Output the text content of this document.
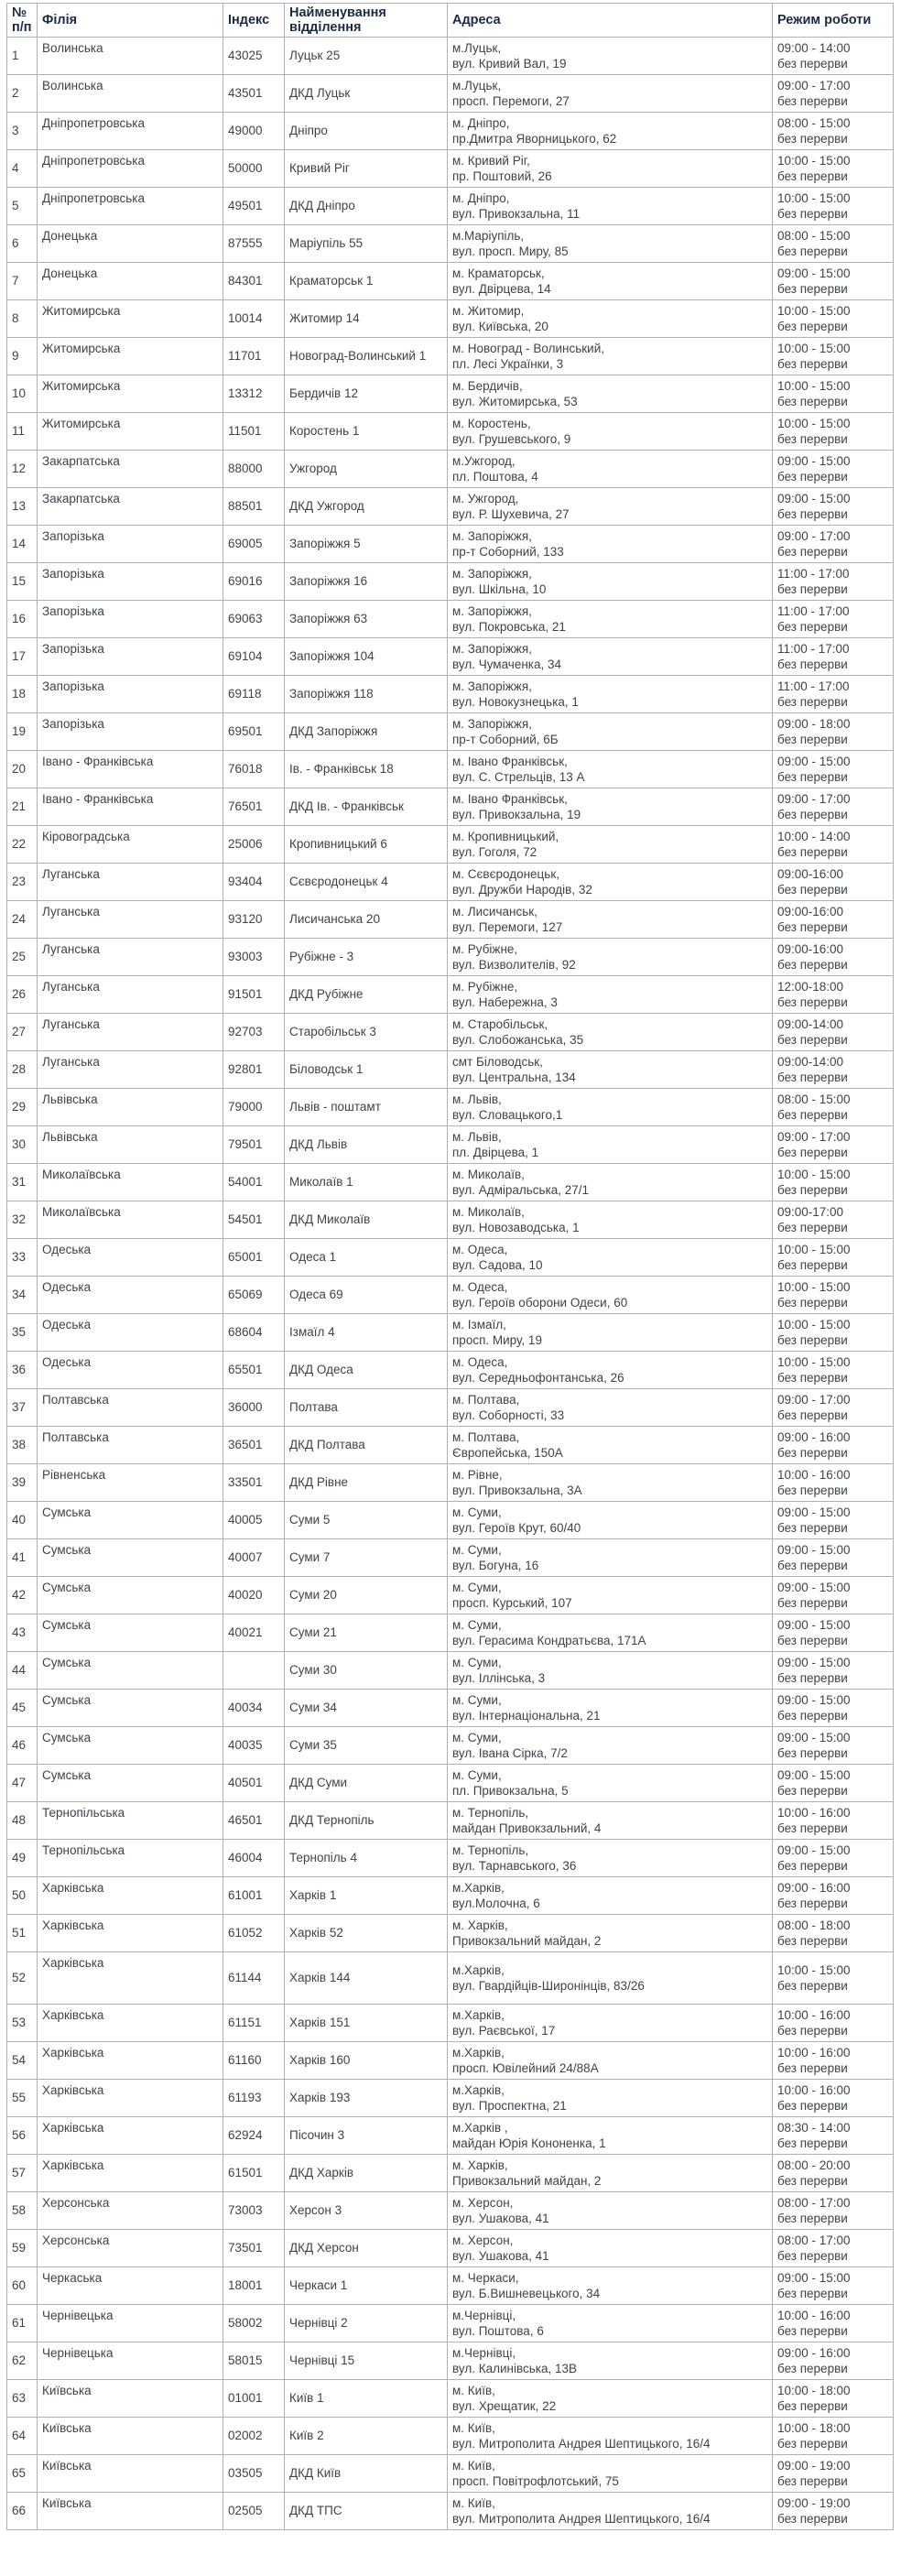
№ п/п	Філія	Індекс	Найменування відділення	Адреса	Режим роботи
1	Волинська	43025	Луцьк 25	м.Луцьк,
вул. Кривий Вал, 19	09:00 - 14:00
без перерви

2	Волинська	43501	ДКД Луцьк	м.Луцьк,
просп. Перемоги, 27	09:00 - 17:00
без перерви

3	Дніпропетровська	49000	Дніпро	м. Дніпро,
пр.Дмитра Яворницького, 62	08:00 - 15:00
без перерви

4	Дніпропетровська	50000	Кривий Ріг	м. Кривий Ріг,
пр. Поштовий, 26	10:00 - 15:00
без перерви

5	Дніпропетровська	49501	ДКД Дніпро	м. Дніпро,
вул. Привокзальна, 11	10:00 - 15:00
без перерви

6	Донецька	87555	Маріупіль 55	м.Маріупіль,
вул. просп. Миру, 85	08:00 - 15:00
без перерви

7	Донецька	84301	Краматорськ 1	м. Краматорськ,
вул. Двірцева, 14	09:00 - 15:00
без перерви

8	Житомирська	10014	Житомир 14	м. Житомир,
вул. Київська, 20	10:00 - 15:00
без перерви

9	Житомирська	11701	Новоград-Волинський 1	м. Новоград - Волинський,
пл. Лесі Українки, 3	10:00 - 15:00
без перерви

10	Житомирська	13312	Бердичів 12	м. Бердичів,
вул. Житомирська, 53	10:00 - 15:00
без перерви

11	Житомирська	11501	Коростень 1	м. Коростень,
вул. Грушевського, 9	10:00 - 15:00
без перерви

12	Закарпатська	88000	Ужгород	м.Ужгород,
пл. Поштова, 4	09:00 - 15:00
без перерви

13	Закарпатська	88501	ДКД Ужгород	м. Ужгород,
вул. Р. Шухевича, 27	09:00 - 15:00
без перерви

14	Запорізька	69005	Запоріжжя 5	м. Запоріжжя,
пр-т Соборний, 133	09:00 - 17:00
без перерви

15	Запорізька	69016	Запоріжжя 16	м. Запоріжжя,
вул. Шкільна, 10	11:00 - 17:00
без перерви

16	Запорізька	69063	Запоріжжя 63	м. Запоріжжя,
вул. Покровська, 21	11:00 - 17:00
без перерви

17	Запорізька	69104	Запоріжжя 104	м. Запоріжжя,
вул. Чумаченка, 34	11:00 - 17:00
без перерви

18	Запорізька	69118	Запоріжжя 118	м. Запоріжжя,
вул. Новокузнецька, 1	11:00 - 17:00
без перерви

19	Запорізька	69501	ДКД Запоріжжя	м. Запоріжжя,
пр-т Соборний, 6Б	09:00 - 18:00
без перерви

20	Івано - Франківська	76018	Ів. - Франківськ 18	м. Івано Франківськ,
вул. С. Стрельців, 13 А	09:00 - 15:00
без перерви

21	Івано - Франківська	76501	ДКД Ів. - Франківськ	м. Івано Франківськ,
вул. Привокзальна, 19	09:00 - 17:00
без перерви

22	Кіровоградська	25006	Кропивницький 6	м. Кропивницький,
вул. Гоголя, 72	10:00 - 14:00
без перерви

23	Луганська	93404	Сєвєродонецьк 4	м. Сєвєродонецьк,
вул. Дружби Народів, 32	09:00-16:00
без перерви

24	Луганська	93120	Лисичанська 20	м. Лисичанськ,
вул. Перемоги, 127	09:00-16:00
без перерви

25	Луганська	93003	Рубіжне - 3	м. Рубіжне,
вул. Визволителів, 92	09:00-16:00
без перерви

26	Луганська	91501	ДКД Рубіжне	м. Рубіжне,
вул. Набережна, 3	12:00-18:00
без перерви

27	Луганська	92703	Старобільськ 3	м. Старобільськ,
вул. Слобожанська, 35	09:00-14:00
без перерви

28	Луганська	92801	Біловодськ 1	смт Біловодськ,
вул. Центральна, 134	09:00-14:00
без перерви

29	Львівська	79000	Львів - поштамт	м. Львів,
вул. Словацького,1	08:00 - 15:00
без перерви

30	Львівська	79501	ДКД Львів	м. Львів,
пл. Двірцева, 1	09:00 - 17:00
без перерви

31	Миколаївська	54001	Миколаїв 1	м. Миколаїв,
вул. Адміральська, 27/1	10:00 - 15:00
без перерви

32	Миколаївська	54501	ДКД Миколаїв	м. Миколаїв,
вул. Новозаводська, 1	09:00-17:00
без перерви

33	Одеська	65001	Одеса 1	м. Одеса,
вул. Садова, 10	10:00 - 15:00
без перерви

34	Одеська	65069	Одеса 69	м. Одеса,
вул. Героїв оборони Одеси, 60	10:00 - 15:00
без перерви

35	Одеська	68604	Ізмаїл 4	м. Ізмаїл,
просп. Миру, 19	10:00 - 15:00
без перерви

36	Одеська	65501	ДКД Одеса	м. Одеса,
вул. Середньофонтанська, 26	10:00 - 15:00
без перерви

37	Полтавська	36000	Полтава	м. Полтава,
вул. Соборності, 33	09:00 - 17:00
без перерви

38	Полтавська	36501	ДКД Полтава	м. Полтава,
Європейська, 150А	09:00 - 16:00
без перерви

39	Рівненська	33501	ДКД Рівне	м. Рівне,
вул. Привокзальна, 3А	10:00 - 16:00
без перерви

40	Сумська	40005	Суми 5	м. Суми,
вул. Героїв Крут, 60/40	09:00 - 15:00
без перерви

41	Сумська	40007	Суми 7	м. Суми,
вул. Богуна, 16	09:00 - 15:00
без перерви

42	Сумська	40020	Суми 20	м. Суми,
просп. Курський, 107	09:00 - 15:00
без перерви

43	Сумська	40021	Суми 21	м. Суми,
вул. Герасима Кондратьєва, 171А	09:00 - 15:00
без перерви

44	Сумська		Суми 30	м. Суми,
вул. Іллінська, 3	09:00 - 15:00
без перерви

45	Сумська	40034	Суми 34	м. Суми,
вул. Інтернаціональна, 21	09:00 - 15:00
без перерви

46	Сумська	40035	Суми 35	м. Суми,
вул. Івана Сірка, 7/2	09:00 - 15:00
без перерви

47	Сумська	40501	ДКД Суми	м. Суми,
пл. Привокзальна, 5	09:00 - 15:00
без перерви

48	Тернопільська	46501	ДКД Тернопіль	м. Тернопіль,
майдан Привокзальний, 4	10:00 - 16:00
без перерви

49	Тернопільська	46004	Тернопіль 4	м. Тернопіль,
вул. Тарнавського, 36	09:00 - 15:00
без перерви

50	Харківська	61001	Харків 1	м.Харків,
вул.Молочна, 6	09:00 - 16:00
без перерви

51	Харківська	61052	Харків 52	м. Харків,
Привокзальний майдан, 2	08:00 - 18:00
без перерви

52	Харківська	61144	Харків 144	м.Харків,
вул. Гвардійців-Широнінців, 83/26	10:00 - 15:00
без перерви

53	Харківська	61151	Харків 151	м.Харків,
вул. Раєвської, 17	10:00 - 16:00
без перерви

54	Харківська	61160	Харків 160	м.Харків,
просп. Ювілейний 24/88А	10:00 - 16:00
без перерви

55	Харківська	61193	Харків 193	м.Харків,
вул. Проспектна, 21	10:00 - 16:00
без перерви

56	Харківська	62924	Пісочин 3	м.Харків ,
майдан Юрія Кононенка, 1	08:30 - 14:00
без перерви

57	Харківська	61501	ДКД Харків	м. Харків,
Привокзальний майдан, 2	08:00 - 20:00
без перерви

58	Херсонська	73003	Херсон 3	м. Херсон,
вул. Ушакова, 41	08:00 - 17:00
без перерви

59	Херсонська	73501	ДКД Херсон	м. Херсон,
вул. Ушакова, 41	08:00 - 17:00
без перерви

60	Черкаська	18001	Черкаси 1	м. Черкаси,
вул. Б.Вишневецького, 34	09:00 - 15:00
без перерви

61	Чернівецька	58002	Чернівці 2	м.Чернівці,
вул. Поштова, 6	10:00 - 16:00
без перерви

62	Чернівецька	58015	Чернівці 15	м.Чернівці,
вул. Калинівська, 13В	09:00 - 16:00
без перерви

63	Київська	01001	Київ 1	м. Київ,
вул. Хрещатик, 22	10:00 - 18:00
без перерви

64	Київська	02002	Київ 2	м. Київ,
вул. Митрополита Андрея Шептицького, 16/4	10:00 - 18:00
без перерви

65	Київська	03505	ДКД Київ	м. Київ,
просп. Повітрофлотський, 75	09:00 - 19:00
без перерви

66	Київська	02505	ДКД ТПС	м. Київ,
вул. Митрополита Андрея Шептицького, 16/4	09:00 - 19:00
без перерви
